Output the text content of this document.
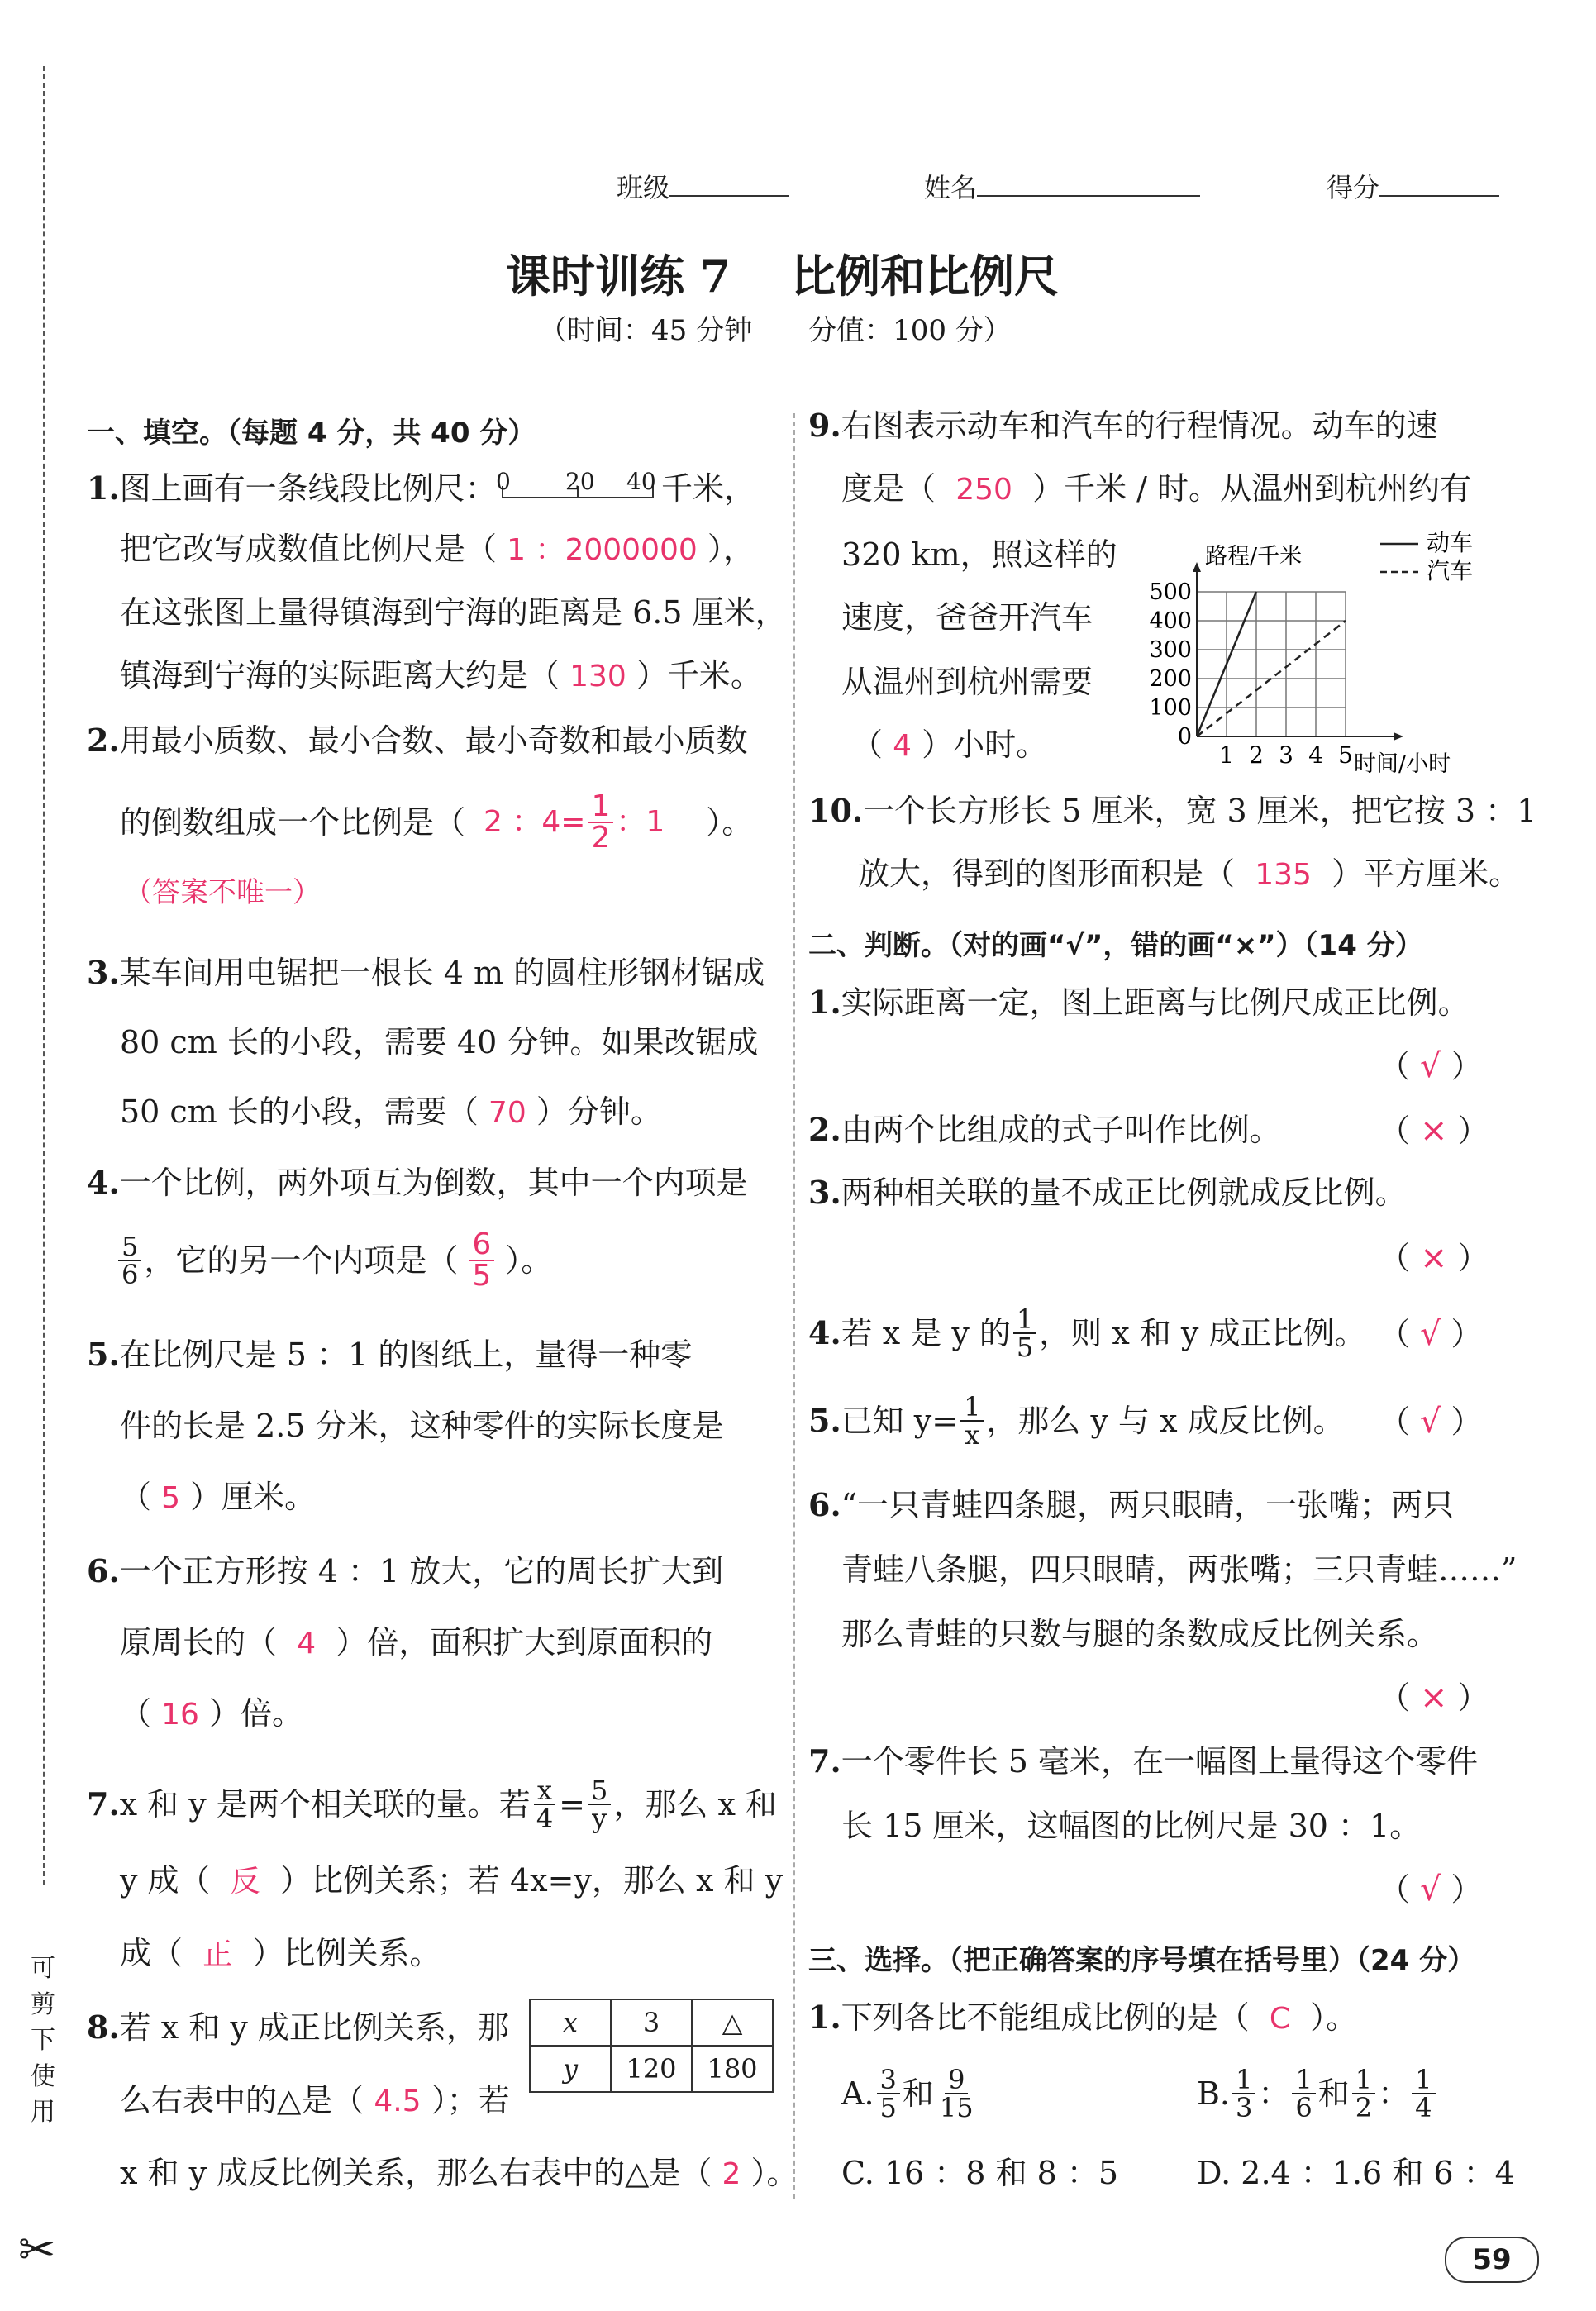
可
剪
下
使
用
✂
班级	姓名	得分
课时训练 7　 比例和比例尺
（时间：45 分钟　　 分值：100 分）
一、填空。（每题 4 分，共 40 分）
1.图上画有一条线段比例尺： 0 20 40 千米，
把它改写成数值比例尺是（ 1 ：2000000 ），
在这张图上量得镇海到宁海的距离是 6.5 厘米，
镇海到宁海的实际距离大约是（ 130 ）千米。
2.用最小质数、最小合数、最小奇数和最小质数
的倒数组成一个比例是（ 2 ：$4= \frac{1}{2}$ ：1 ）。
（答案不唯一）
3.某车间用电锯把一根长 4 m 的圆柱形钢材锯成
80 cm 长的小段，需要 40 分钟。如果改锯成
50 cm 长的小段，需要（ 70 ）分钟。
4.一个比例，两外项互为倒数，其中一个内项是
$\frac{5}{6}$ ，它的另一个内项是（ $\frac{6}{5}$ ）。
5.在比例尺是 5 ：1 的图纸上，量得一种零
件的长是 2.5 分米，这种零件的实际长度是
（ 5 ）厘米。
6.一个正方形按 4 ：1 放大，它的周长扩大到
原周长的（ 4 ）倍，面积扩大到原面积的
（ 16 ）倍。
7. x 和 y 是两个相关联的量。若 $\frac{x}{4} = \frac{5}{y}$ ，那么 x 和
y 成（ 反 ）比例关系；若 4x=y，那么 x 和 y
成（ 正 ）比例关系。
8.若 x 和 y 成正比例关系，那 x	3	△
y	120	180
么右表中的△是（ 4.5 ）；若
x 和 y 成反比例关系，那么右表中的△是（ 2 ）。
9.右图表示动车和汽车的行程情况。动车的速
度是（ 250 ）千米 / 时。从温州到杭州约有
320 km，照这样的
速度，爸爸开汽车
从温州到杭州需要
（ 4 ）小时。	1 2 3 4 5
100
200
300
400
500
0
路程/千米
时间/小时
动车
汽车
10.一个长方形长 5 厘米，宽 3 厘米，把它按 3 ：1
放大，得到的图形面积是（ 135 ）平方厘米。
二、判断。（对的画“√”，错的画“×”）（14 分）
1.实际距离一定，图上距离与比例尺成正比例。
（ √ ）
2.由两个比组成的式子叫作比例。	（ × ）
3.两种相关联的量不成正比例就成反比例。
（ × ）
4. 若 x 是 y 的 $\frac{1}{5}$ ，则 x 和 y 成正比例。 （ √ ）
5. 已知 $y= \frac{1}{x}$ ，那么 y 与 x 成反比例。 （ √ ）
6.“一只青蛙四条腿，两只眼睛，一张嘴；两只
青蛙八条腿，四只眼睛，两张嘴；三只青蛙……”
那么青蛙的只数与腿的条数成反比例关系。
（ × ）
7.一个零件长 5 毫米，在一幅图上量得这个零件
长 15 厘米，这幅图的比例尺是 30 ：1。
（ √ ）
三、选择。（把正确答案的序号填在括号里）（24 分）
1.下列各比不能组成比例的是（ C ）。
A. $\frac{3}{5}$ 和 $\frac{9}{15}$	B. $\frac{1}{3}$ ： $\frac{1}{6}$ 和 $\frac{1}{2}$ ： $\frac{1}{4}$
C. 16 ：8 和 8 ：5 D. 2.4 ：1.6 和 6 ：4
59
